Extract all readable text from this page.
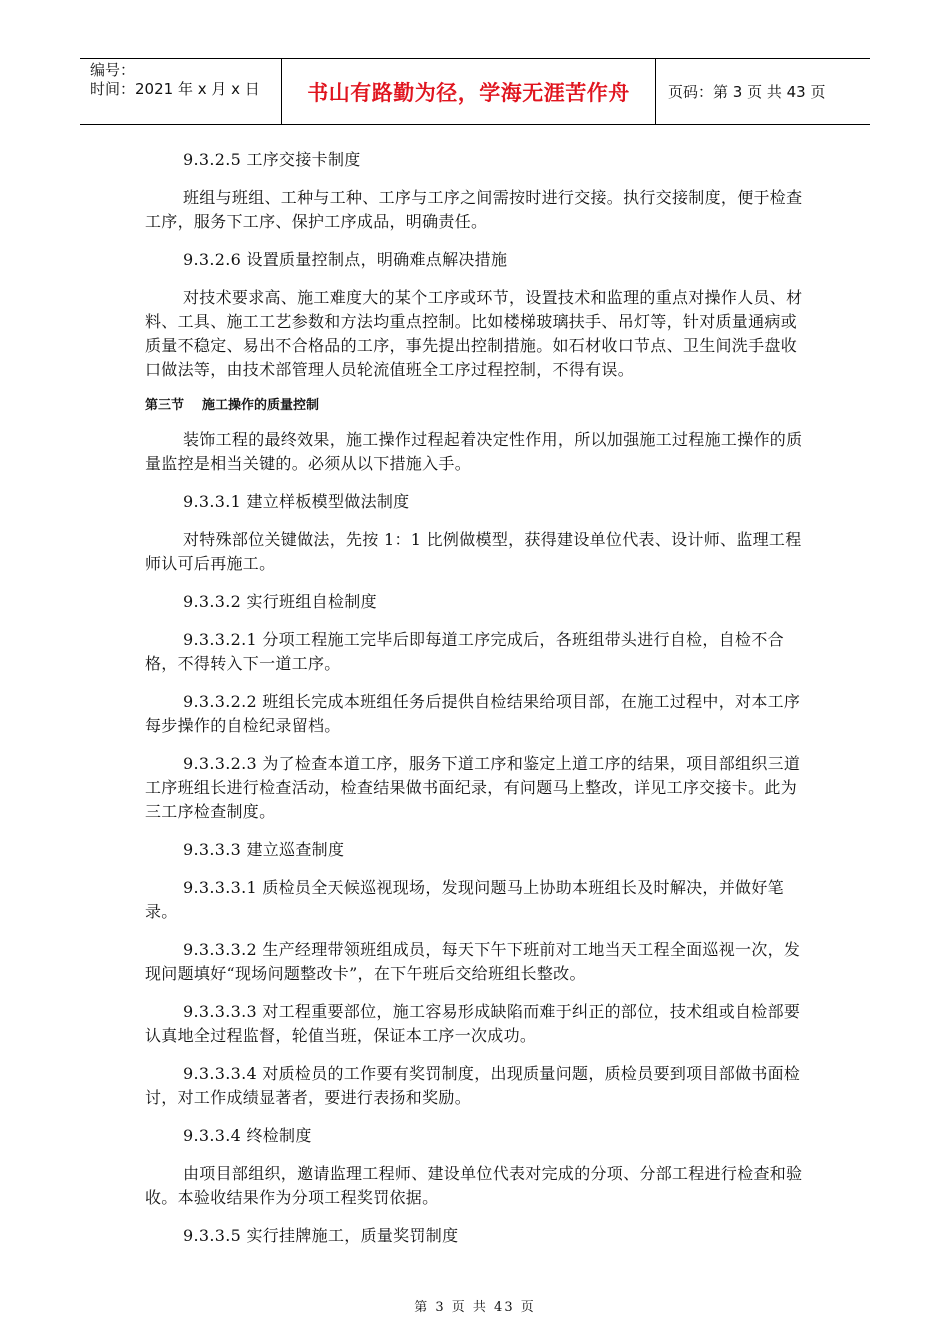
编号：
时间：2021 年 x 月 x 日	书山有路勤为径，学海无涯苦作舟	页码：第 3 页 共 43 页

9.3.2.5 工序交接卡制度

班组与班组、工种与工种、工序与工序之间需按时进行交接。执行交接制度，便于检查工序，服务下工序、保护工序成品，明确责任。

9.3.2.6 设置质量控制点，明确难点解决措施

对技术要求高、施工难度大的某个工序或环节，设置技术和监理的重点对操作人员、材料、工具、施工工艺参数和方法均重点控制。比如楼梯玻璃扶手、吊灯等，针对质量通病或质量不稳定、易出不合格品的工序，事先提出控制措施。如石材收口节点、卫生间洗手盘收口做法等，由技术部管理人员轮流值班全工序过程控制，不得有误。

第三节 施工操作的质量控制

装饰工程的最终效果，施工操作过程起着决定性作用，所以加强施工过程施工操作的质量监控是相当关键的。必须从以下措施入手。

9.3.3.1 建立样板模型做法制度

对特殊部位关键做法，先按 1：1 比例做模型，获得建设单位代表、设计师、监理工程师认可后再施工。

9.3.3.2 实行班组自检制度

9.3.3.2.1 分项工程施工完毕后即每道工序完成后，各班组带头进行自检，自检不合格，不得转入下一道工序。

9.3.3.2.2 班组长完成本班组任务后提供自检结果给项目部，在施工过程中，对本工序每步操作的自检纪录留档。

9.3.3.2.3 为了检查本道工序，服务下道工序和鉴定上道工序的结果，项目部组织三道工序班组长进行检查活动，检查结果做书面纪录，有问题马上整改，详见工序交接卡。此为三工序检查制度。

9.3.3.3 建立巡查制度

9.3.3.3.1 质检员全天候巡视现场，发现问题马上协助本班组长及时解决，并做好笔录。

9.3.3.3.2 生产经理带领班组成员，每天下午下班前对工地当天工程全面巡视一次，发现问题填好“现场问题整改卡”，在下午班后交给班组长整改。

9.3.3.3.3 对工程重要部位，施工容易形成缺陷而难于纠正的部位，技术组或自检部要认真地全过程监督，轮值当班，保证本工序一次成功。

9.3.3.3.4 对质检员的工作要有奖罚制度，出现质量问题，质检员要到项目部做书面检讨，对工作成绩显著者，要进行表扬和奖励。

9.3.3.4 终检制度

由项目部组织，邀请监理工程师、建设单位代表对完成的分项、分部工程进行检查和验收。本验收结果作为分项工程奖罚依据。

9.3.3.5 实行挂牌施工，质量奖罚制度

第 3 页 共 43 页
